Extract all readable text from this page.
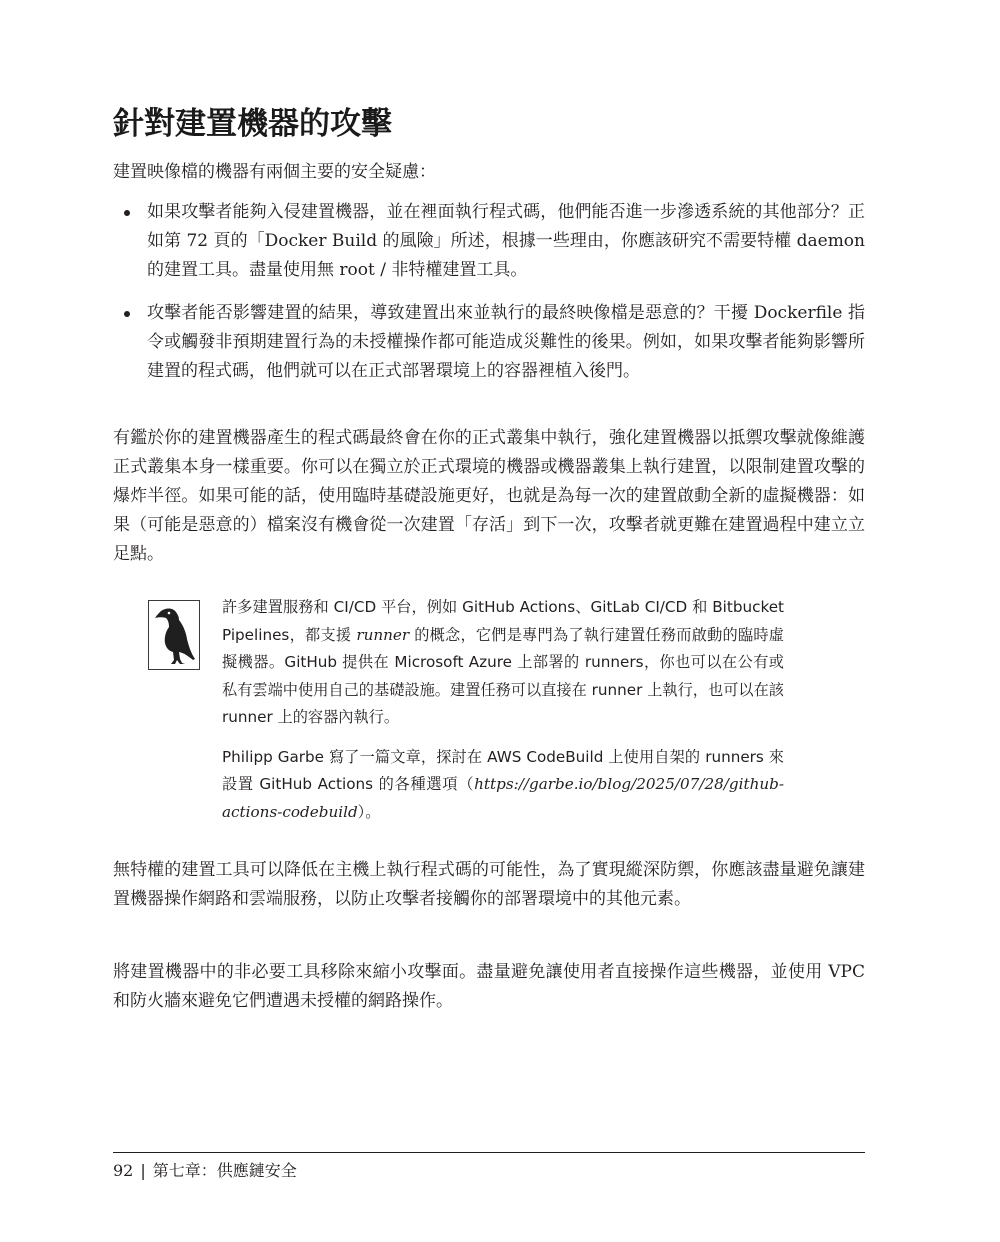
針對建置機器的攻擊

建置映像檔的機器有兩個主要的安全疑慮：

如果攻擊者能夠入侵建置機器，並在裡面執行程式碼，他們能否進一步滲透系統的其他部分？正如第 72 頁的「Docker Build 的風險」所述，根據一些理由，你應該研究不需要特權 daemon 的建置工具。盡量使用無 root / 非特權建置工具。
攻擊者能否影響建置的結果，導致建置出來並執行的最終映像檔是惡意的？干擾 Dockerfile 指令或觸發非預期建置行為的未授權操作都可能造成災難性的後果。例如，如果攻擊者能夠影響所建置的程式碼，他們就可以在正式部署環境上的容器裡植入後門。

有鑑於你的建置機器產生的程式碼最終會在你的正式叢集中執行，強化建置機器以抵禦攻擊就像維護正式叢集本身一樣重要。你可以在獨立於正式環境的機器或機器叢集上執行建置，以限制建置攻擊的爆炸半徑。如果可能的話，使用臨時基礎設施更好，也就是為每一次的建置啟動全新的虛擬機器：如果（可能是惡意的）檔案沒有機會從一次建置「存活」到下一次，攻擊者就更難在建置過程中建立立足點。

許多建置服務和 CI/CD 平台，例如 GitHub Actions、GitLab CI/CD 和 Bitbucket Pipelines，都支援 runner 的概念，它們是專門為了執行建置任務而啟動的臨時虛擬機器。GitHub 提供在 Microsoft Azure 上部署的 runners，你也可以在公有或私有雲端中使用自己的基礎設施。建置任務可以直接在 runner 上執行，也可以在該 runner 上的容器內執行。

Philipp Garbe 寫了一篇文章，探討在 AWS CodeBuild 上使用自架的 runners 來設置 GitHub Actions 的各種選項（https://garbe.io/blog/2025/07/28/github-actions-codebuild）。

無特權的建置工具可以降低在主機上執行程式碼的可能性，為了實現縱深防禦，你應該盡量避免讓建置機器操作網路和雲端服務，以防止攻擊者接觸你的部署環境中的其他元素。

將建置機器中的非必要工具移除來縮小攻擊面。盡量避免讓使用者直接操作這些機器，並使用 VPC 和防火牆來避免它們遭遇未授權的網路操作。

92 | 第七章：供應鏈安全
